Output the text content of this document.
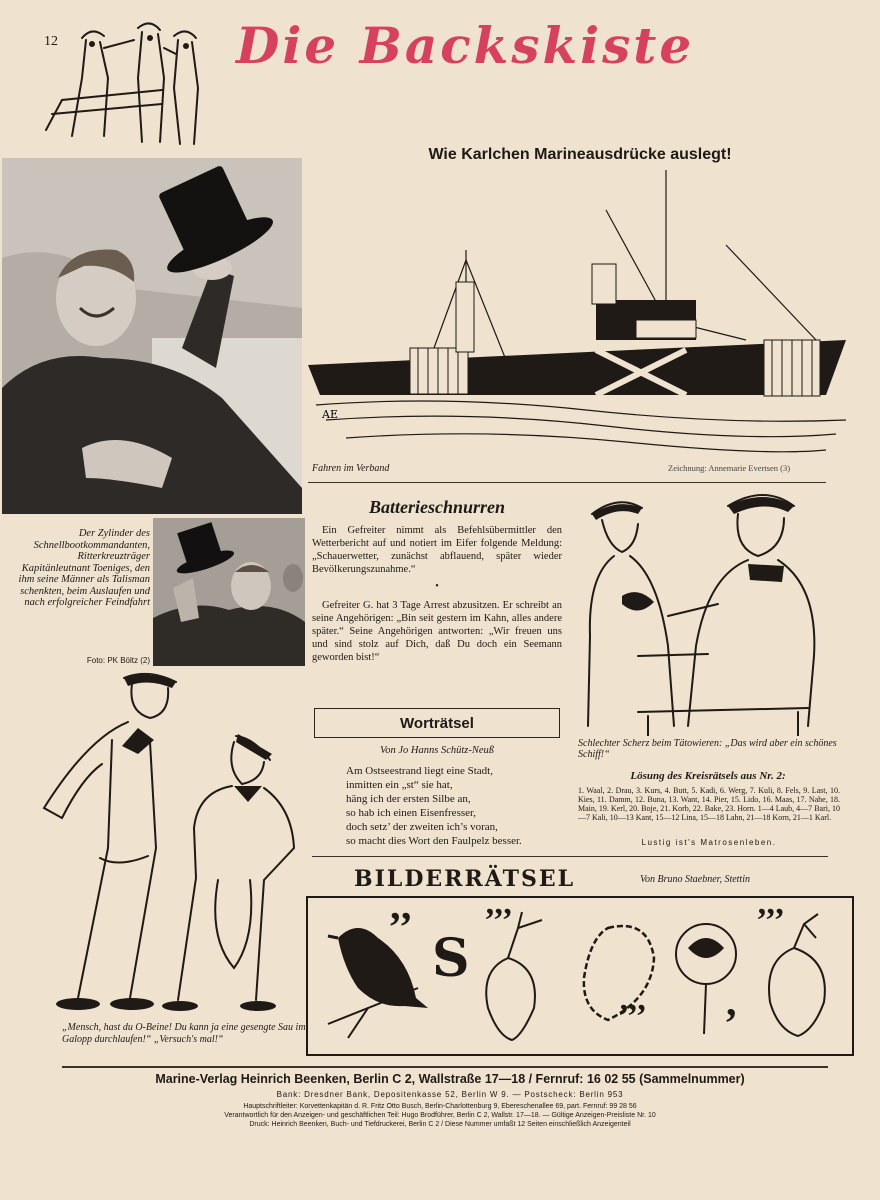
12	Die Backskiste
Wie Karlchen Marineausdrücke auslegt!
Der Zylinder des Schnellbootkommandanten, Ritterkreuzträger Kapitänleutnant Toeniges, den ihm seine Männer als Talisman schenkten, beim Auslaufen und nach erfolgreicher Feindfahrt
Foto: PK Böltz (2)
AE
Fahren im Verband	Zeichnung: Annemarie Evertsen (3)
Batterieschnurren

Ein Gefreiter nimmt als Befehlsübermittler den Wetterbericht auf und notiert im Eifer folgende Meldung: „Schauerwetter, zunächst abflauend, später wieder Bevölkerungszunahme.“

•

Gefreiter G. hat 3 Tage Arrest abzusitzen. Er schreibt an seine Angehörigen: „Bin seit gestern im Kahn, alles andere später.“ Seine Angehörigen antworten: „Wir freuen uns und sind stolz auf Dich, daß Du doch ein Seemann geworden bist!“

Schlechter Scherz beim Tätowieren: „Das wird aber ein schönes Schiff!“
Worträtsel
Von Jo Hanns Schütz-Neuß
Am Ostseestrand liegt eine Stadt,
inmitten ein „st“ sie hat,
häng ich der ersten Silbe an,
so hab ich einen Eisenfresser,
doch setz’ der zweiten ich’s voran,
so macht dies Wort den Faulpelz besser.
Lösung des Kreisrätsels aus Nr. 2:
1. Waal, 2. Drau, 3. Kurs, 4. Butt, 5. Kadi, 6. Werg, 7. Kuli, 8. Fels, 9. Last, 10. Kies, 11. Damm, 12. Buna, 13. Want, 14. Pier, 15. Lido, 16. Maas, 17. Nahe, 18. Main, 19. Kerl, 20. Boje, 21. Korb, 22. Bake, 23. Horn. 1—4 Laub, 4—7 Bari, 10—7 Kali, 10—13 Kant, 15—12 Lina, 15—18 Lahn, 21—18 Korn, 21—1 Karl.
Lustig ist's Matrosenleben.
„Mensch, hast du O-Beine! Du kann ja eine gesengte Sau im Galopp durchlaufen!“ „Versuch's mal!“
BILDERRÄTSEL	Von Bruno Staebner, Stettin
’’ S
’’’
’’’ ,
’’’
Marine-Verlag Heinrich Beenken, Berlin C 2, Wallstraße 17—18 / Fernruf: 16 02 55 (Sammelnummer)
Bank: Dresdner Bank, Depositenkasse 52, Berlin W 9. — Postscheck: Berlin 953
Hauptschriftleiter: Korvettenkapitän d. R. Fritz Otto Busch, Berlin-Charlottenburg 9, Ebereschenallee 69, part. Fernruf: 99 28 56
Verantwortlich für den Anzeigen- und geschäftlichen Teil: Hugo Brodführer, Berlin C 2, Wallstr. 17—18. — Gültige Anzeigen-Preisliste Nr. 10
Druck: Heinrich Beenken, Buch- und Tiefdruckerei, Berlin C 2 / Diese Nummer umfaßt 12 Seiten einschließlich Anzeigenteil
